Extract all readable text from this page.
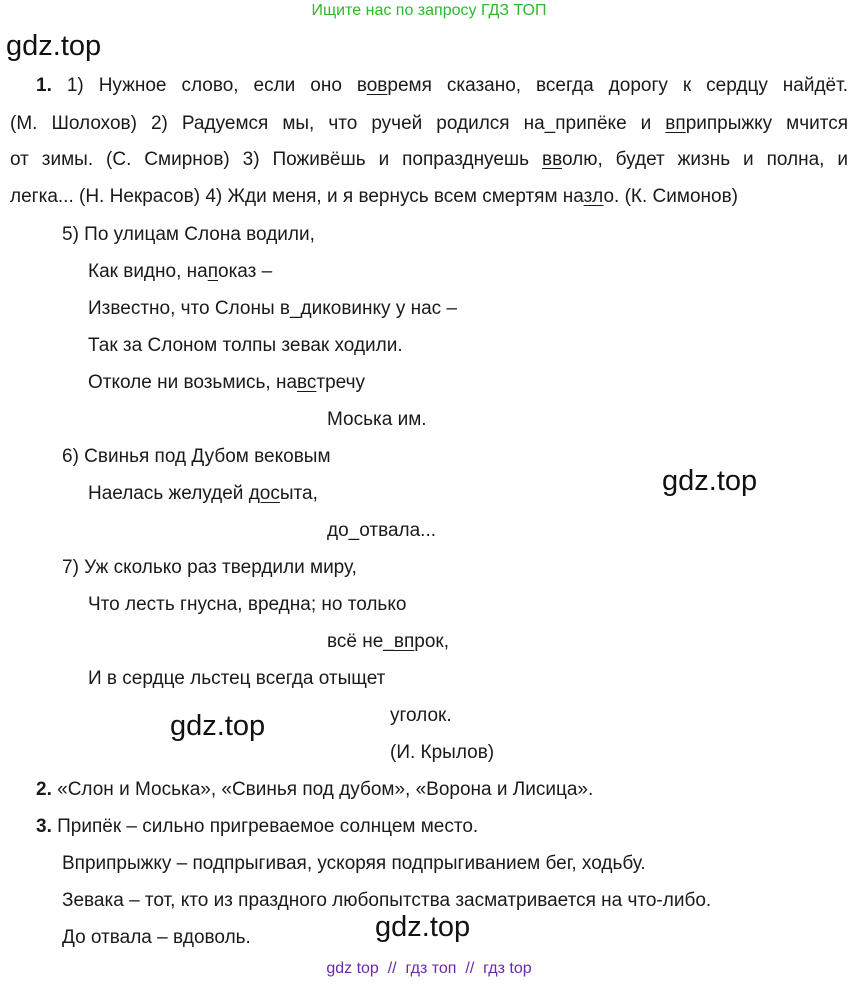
Ищите нас по запросу ГДЗ ТОП
gdz.top
gdz.top
gdz.top
gdz.top
1. 1) Нужное слово, если оно вовремя сказано, всегда дорогу к сердцу найдёт.
(М. Шолохов) 2) Радуемся мы, что ручей родился на_припёке и вприпрыжку мчится
от зимы. (С. Смирнов) 3) Поживёшь и попразднуешь вволю, будет жизнь и полна, и
легка... (Н. Некрасов) 4) Жди меня, и я вернусь всем смертям назло. (К. Симонов)
5) По улицам Слона водили,
Как видно, напоказ –
Известно, что Слоны в_диковинку у нас –
Так за Слоном толпы зевак ходили.
Отколе ни возьмись, навстречу
Моська им.
6) Свинья под Дубом вековым
Наелась желудей досыта,
до_отвала...
7) Уж сколько раз твердили миру,
Что лесть гнусна, вредна; но только
всё не_впрок,
И в сердце льстец всегда отыщет
уголок.
(И. Крылов)
2. «Слон и Моська», «Свинья под дубом», «Ворона и Лисица».
3. Припёк – сильно пригреваемое солнцем место.
Вприпрыжку – подпрыгивая, ускоряя подпрыгиванием бег, ходьбу.
Зевака – тот, кто из праздного любопытства засматривается на что-либо.
До отвала – вдоволь.
gdz top // гдз топ // гдз top
